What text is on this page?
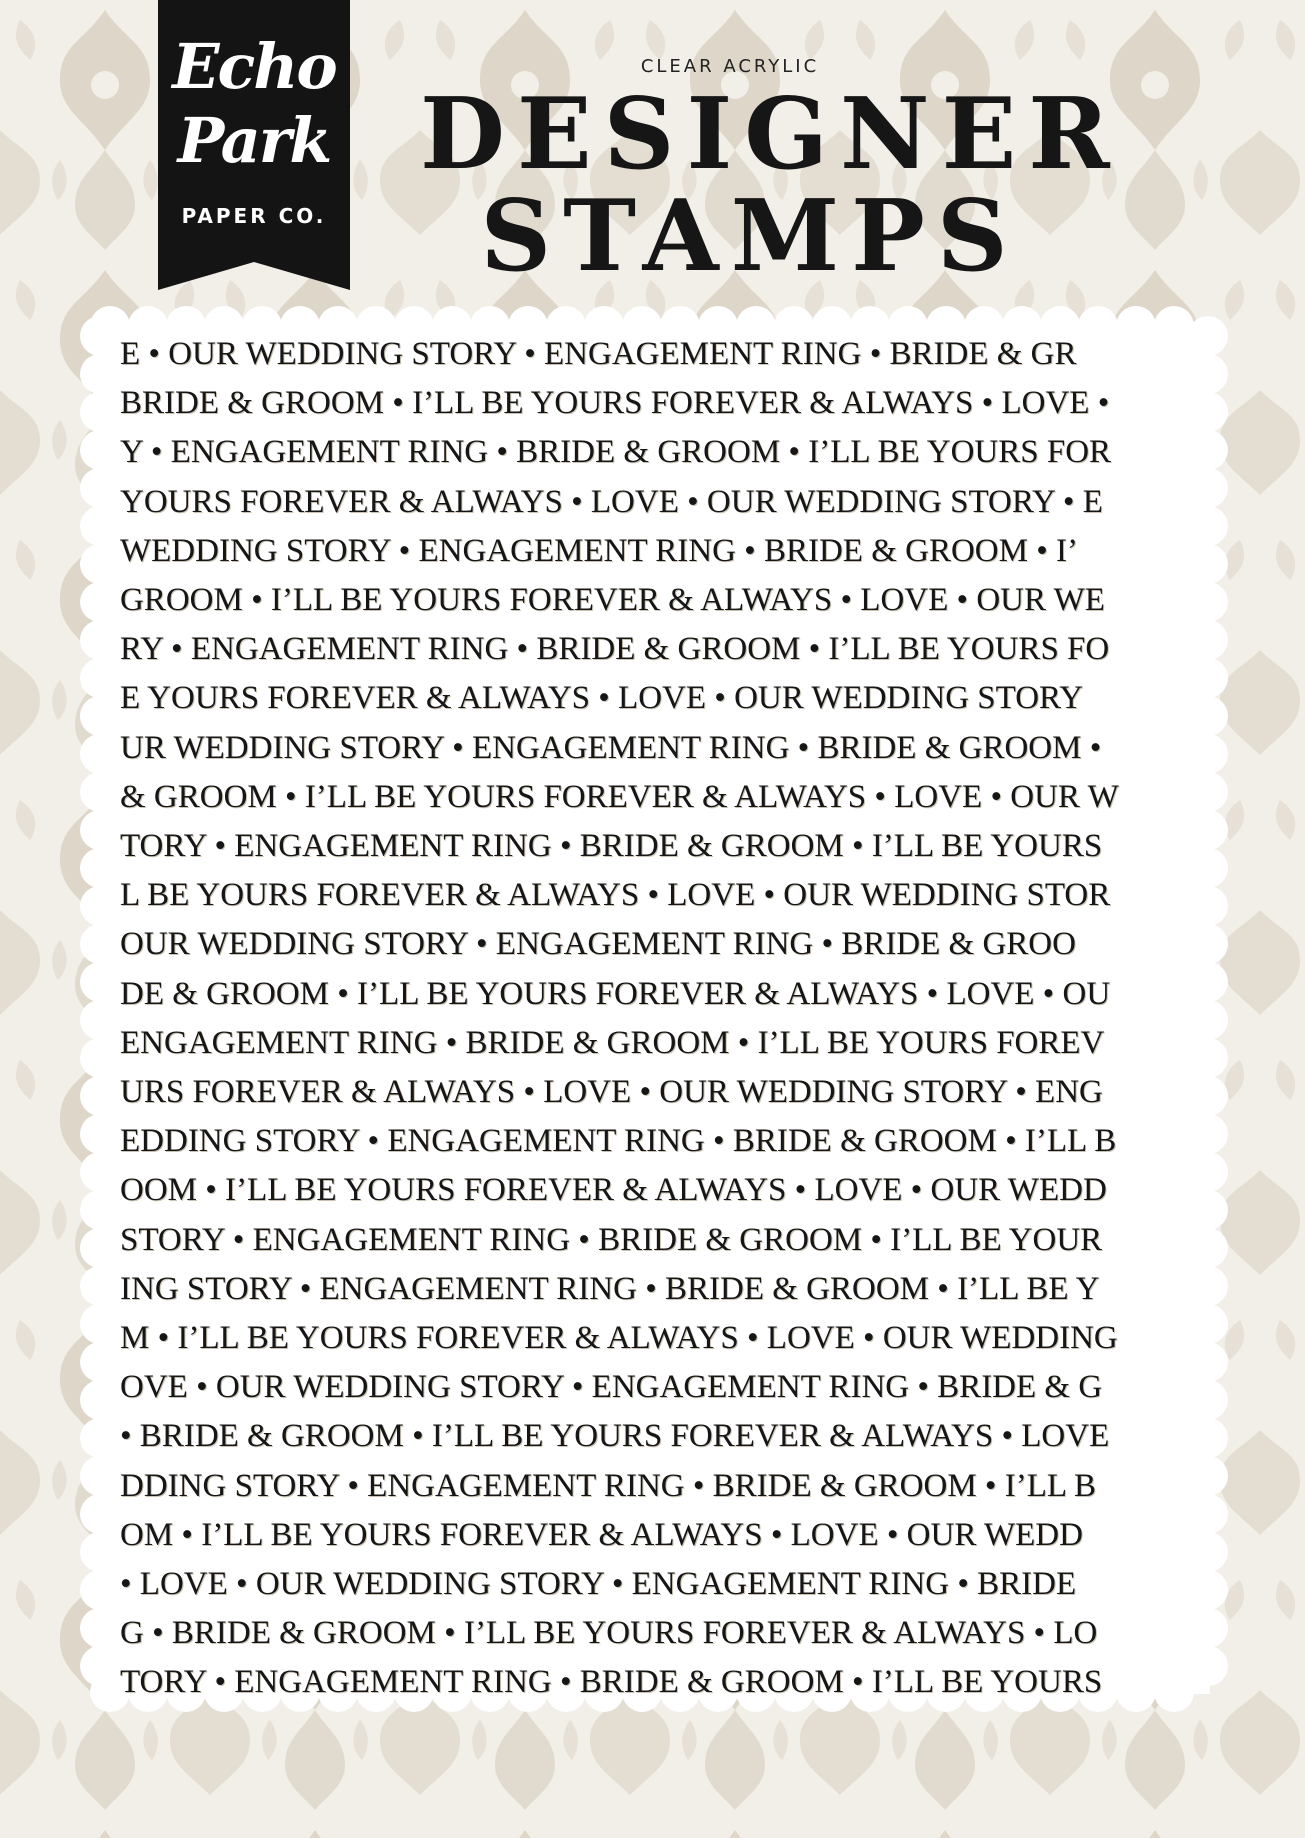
Echo
Park
PAPER CO.
CLEAR ACRYLIC
DESIGNER
STAMPS
E • OUR WEDDING STORY • ENGAGEMENT RING • BRIDE & GR
BRIDE & GROOM • I’LL BE YOURS FOREVER & ALWAYS • LOVE •
Y • ENGAGEMENT RING • BRIDE & GROOM • I’LL BE YOURS FOR
YOURS FOREVER & ALWAYS • LOVE • OUR WEDDING STORY • E
WEDDING STORY • ENGAGEMENT RING • BRIDE & GROOM • I’
GROOM • I’LL BE YOURS FOREVER & ALWAYS • LOVE • OUR WE
RY • ENGAGEMENT RING • BRIDE & GROOM • I’LL BE YOURS FO
E YOURS FOREVER & ALWAYS • LOVE • OUR WEDDING STORY
UR WEDDING STORY • ENGAGEMENT RING • BRIDE & GROOM •
& GROOM • I’LL BE YOURS FOREVER & ALWAYS • LOVE • OUR W
TORY • ENGAGEMENT RING • BRIDE & GROOM • I’LL BE YOURS
L BE YOURS FOREVER & ALWAYS • LOVE • OUR WEDDING STOR
OUR WEDDING STORY • ENGAGEMENT RING • BRIDE & GROO
DE & GROOM • I’LL BE YOURS FOREVER & ALWAYS • LOVE • OU
ENGAGEMENT RING • BRIDE & GROOM • I’LL BE YOURS FOREV
URS FOREVER & ALWAYS • LOVE • OUR WEDDING STORY • ENG
EDDING STORY • ENGAGEMENT RING • BRIDE & GROOM • I’LL B
OOM • I’LL BE YOURS FOREVER & ALWAYS • LOVE • OUR WEDD
STORY • ENGAGEMENT RING • BRIDE & GROOM • I’LL BE YOUR
ING STORY • ENGAGEMENT RING • BRIDE & GROOM • I’LL BE Y
M • I’LL BE YOURS FOREVER & ALWAYS • LOVE • OUR WEDDING
OVE • OUR WEDDING STORY • ENGAGEMENT RING • BRIDE & G
• BRIDE & GROOM • I’LL BE YOURS FOREVER & ALWAYS • LOVE
DDING STORY • ENGAGEMENT RING • BRIDE & GROOM • I’LL B
OM • I’LL BE YOURS FOREVER & ALWAYS • LOVE • OUR WEDD
• LOVE • OUR WEDDING STORY • ENGAGEMENT RING • BRIDE
G • BRIDE & GROOM • I’LL BE YOURS FOREVER & ALWAYS • LO
TORY • ENGAGEMENT RING • BRIDE & GROOM • I’LL BE YOURS
